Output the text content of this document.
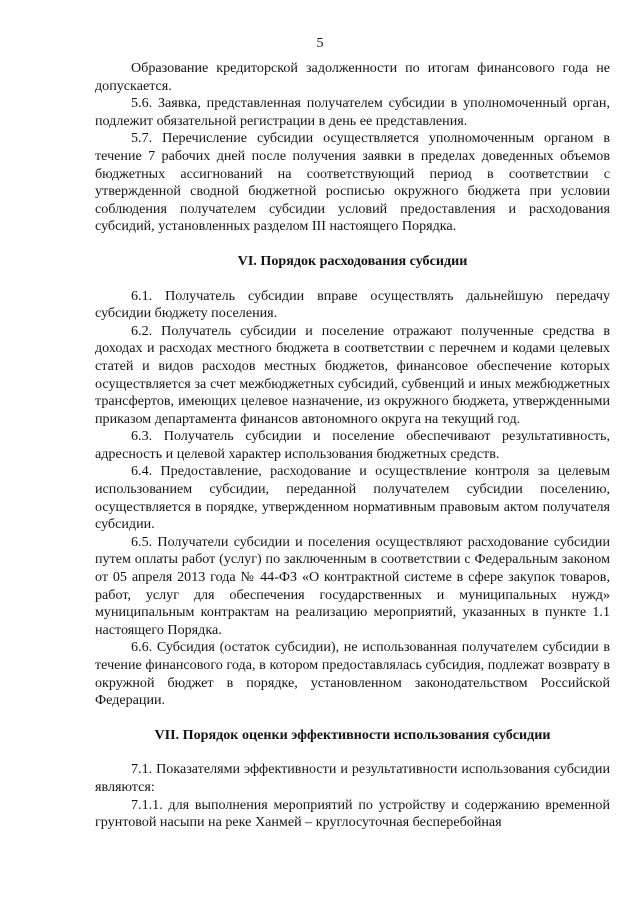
5

Образование кредиторской задолженности по итогам финансового года не допускается.

5.6. Заявка, представленная получателем субсидии в уполномоченный орган, подлежит обязательной регистрации в день ее представления.

5.7. Перечисление субсидии осуществляется уполномоченным органом в течение 7 рабочих дней после получения заявки в пределах доведенных объемов бюджетных ассигнований на соответствующий период в соответствии с утвержденной сводной бюджетной росписью окружного бюджета при условии соблюдения получателем субсидии условий предоставления и расходования субсидий, установленных разделом III настоящего Порядка.

VI. Порядок расходования субсидии

6.1. Получатель субсидии вправе осуществлять дальнейшую передачу субсидии бюджету поселения.

6.2. Получатель субсидии и поселение отражают полученные средства в доходах и расходах местного бюджета в соответствии с перечнем и кодами целевых статей и видов расходов местных бюджетов, финансовое обеспечение которых осуществляется за счет межбюджетных субсидий, субвенций и иных межбюджетных трансфертов, имеющих целевое назначение, из окружного бюджета, утвержденными приказом департамента финансов автономного округа на текущий год.

6.3. Получатель субсидии и поселение обеспечивают результативность, адресность и целевой характер использования бюджетных средств.

6.4. Предоставление, расходование и осуществление контроля за целевым использованием субсидии, переданной получателем субсидии поселению, осуществляется в порядке, утвержденном нормативным правовым актом получателя субсидии.

6.5. Получатели субсидии и поселения осуществляют расходование субсидии путем оплаты работ (услуг) по заключенным в соответствии с Федеральным законом от 05 апреля 2013 года № 44-ФЗ «О контрактной системе в сфере закупок товаров, работ, услуг для обеспечения государственных и муниципальных нужд» муниципальным контрактам на реализацию мероприятий, указанных в пункте 1.1 настоящего Порядка.

6.6. Субсидия (остаток субсидии), не использованная получателем субсидии в течение финансового года, в котором предоставлялась субсидия, подлежат возврату в окружной бюджет в порядке, установленном законодательством Российской Федерации.

VII. Порядок оценки эффективности использования субсидии

7.1. Показателями эффективности и результативности использования субсидии являются:

7.1.1. для выполнения мероприятий по устройству и содержанию временной грунтовой насыпи на реке Ханмей – круглосуточная бесперебойная
